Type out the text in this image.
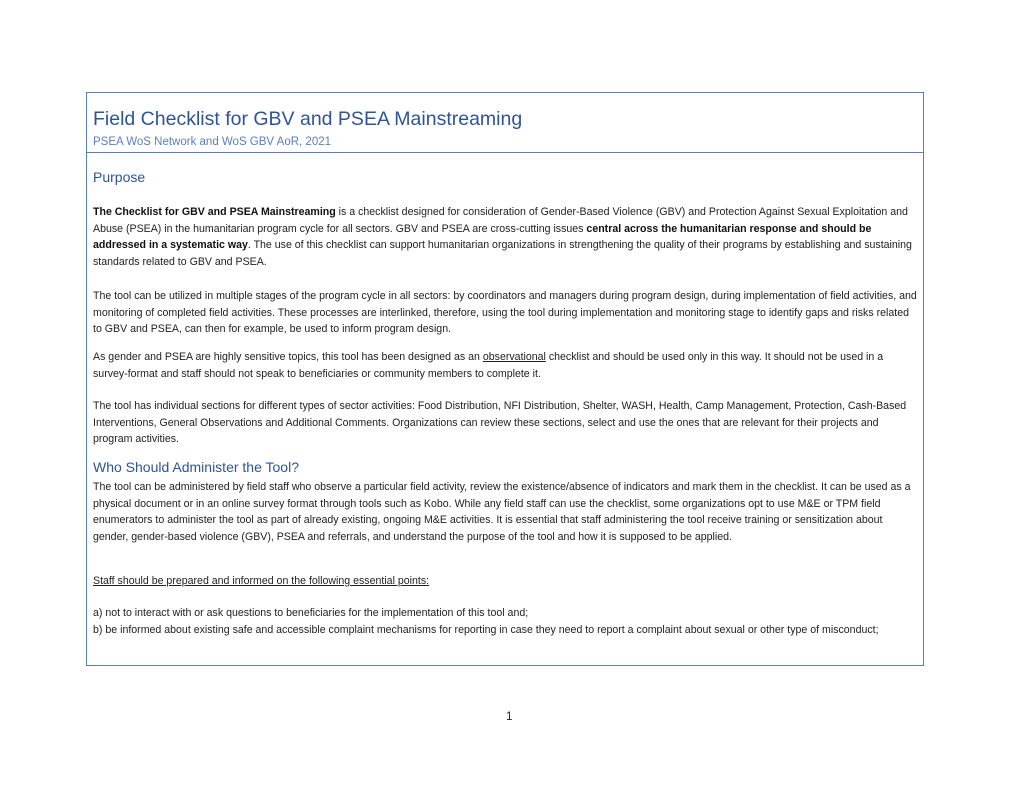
Field Checklist for GBV and PSEA Mainstreaming
PSEA WoS Network and WoS GBV AoR, 2021
Purpose

The Checklist for GBV and PSEA Mainstreaming is a checklist designed for consideration of Gender-Based Violence (GBV) and Protection Against Sexual Exploitation and Abuse (PSEA) in the humanitarian program cycle for all sectors. GBV and PSEA are cross-cutting issues central across the humanitarian response and should be addressed in a systematic way. The use of this checklist can support humanitarian organizations in strengthening the quality of their programs by establishing and sustaining standards related to GBV and PSEA.

The tool can be utilized in multiple stages of the program cycle in all sectors: by coordinators and managers during program design, during implementation of field activities, and monitoring of completed field activities. These processes are interlinked, therefore, using the tool during implementation and monitoring stage to identify gaps and risks related to GBV and PSEA, can then for example, be used to inform program design.

As gender and PSEA are highly sensitive topics, this tool has been designed as an observational checklist and should be used only in this way. It should not be used in a survey-format and staff should not speak to beneficiaries or community members to complete it.

The tool has individual sections for different types of sector activities: Food Distribution, NFI Distribution, Shelter, WASH, Health, Camp Management, Protection, Cash-Based Interventions, General Observations and Additional Comments. Organizations can review these sections, select and use the ones that are relevant for their projects and program activities.

Who Should Administer the Tool?

The tool can be administered by field staff who observe a particular field activity, review the existence/absence of indicators and mark them in the checklist. It can be used as a physical document or in an online survey format through tools such as Kobo. While any field staff can use the checklist, some organizations opt to use M&E or TPM field enumerators to administer the tool as part of already existing, ongoing M&E activities. It is essential that staff administering the tool receive training or sensitization about gender, gender-based violence (GBV), PSEA and referrals, and understand the purpose of the tool and how it is supposed to be applied.

Staff should be prepared and informed on the following essential points:

a) not to interact with or ask questions to beneficiaries for the implementation of this tool and;

b) be informed about existing safe and accessible complaint mechanisms for reporting in case they need to report a complaint about sexual or other type of misconduct;

1
